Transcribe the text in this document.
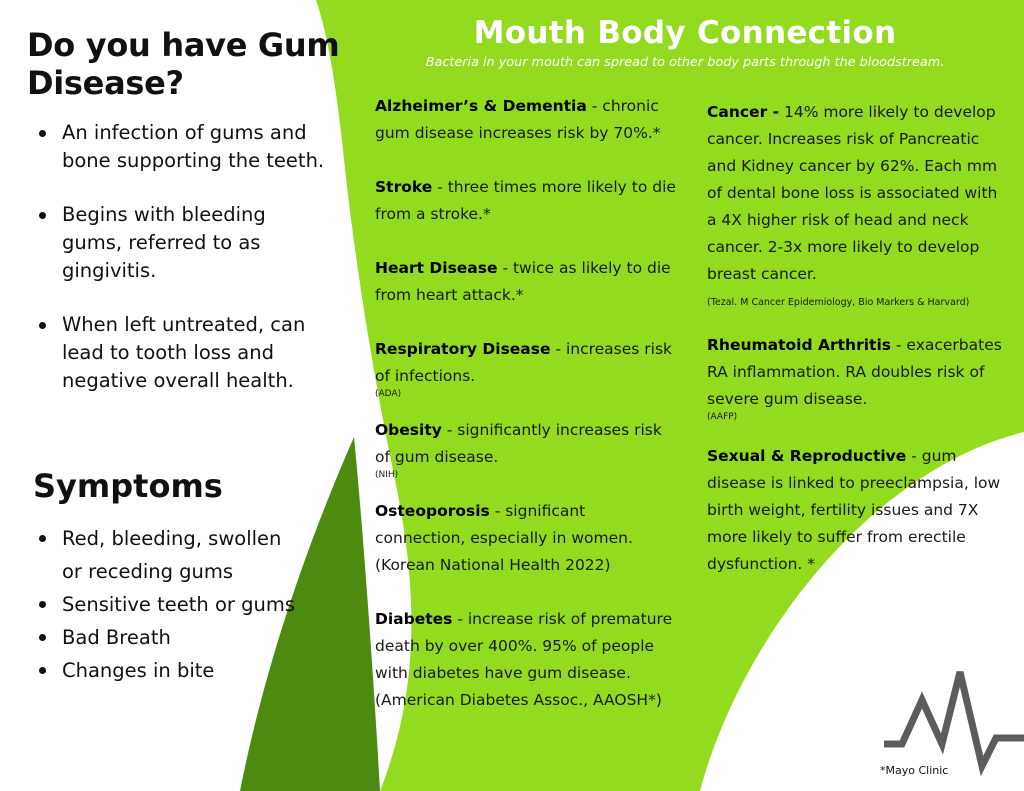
Do you have Gum Disease?
An infection of gums and bone supporting the teeth.
Begins with bleeding gums, referred to as gingivitis.
When left untreated, can lead to tooth loss and negative overall health.
Symptoms
Red, bleeding, swollen or receding gums
Sensitive teeth or gums
Bad Breath
Changes in bite
Mouth Body Connection
Bacteria in your mouth can spread to other body parts through the bloodstream.
Alzheimer’s & Dementia - chronic gum disease increases risk by 70%.*
Stroke - three times more likely to die from a stroke.*
Heart Disease - twice as likely to die from heart attack.*
Respiratory Disease - increases risk of infections.
(ADA)
Obesity - significantly increases risk of gum disease.
(NIH)
Osteoporosis - significant connection, especially in women. (Korean National Health 2022)
Diabetes - increase risk of premature death by over 400%. 95% of people with diabetes have gum disease. (American Diabetes Assoc., AAOSH*)
Cancer - 14% more likely to develop cancer. Increases risk of Pancreatic and Kidney cancer by 62%. Each mm of dental bone loss is associated with a 4X higher risk of head and neck cancer. 2-3x more likely to develop breast cancer.
(Tezal. M Cancer Epidemiology, Bio Markers & Harvard)
Rheumatoid Arthritis - exacerbates RA inflammation. RA doubles risk of severe gum disease.
(AAFP)
Sexual & Reproductive - gum disease is linked to preeclampsia, low birth weight, fertility issues and 7X more likely to suffer from erectile dysfunction. *
*Mayo Clinic
